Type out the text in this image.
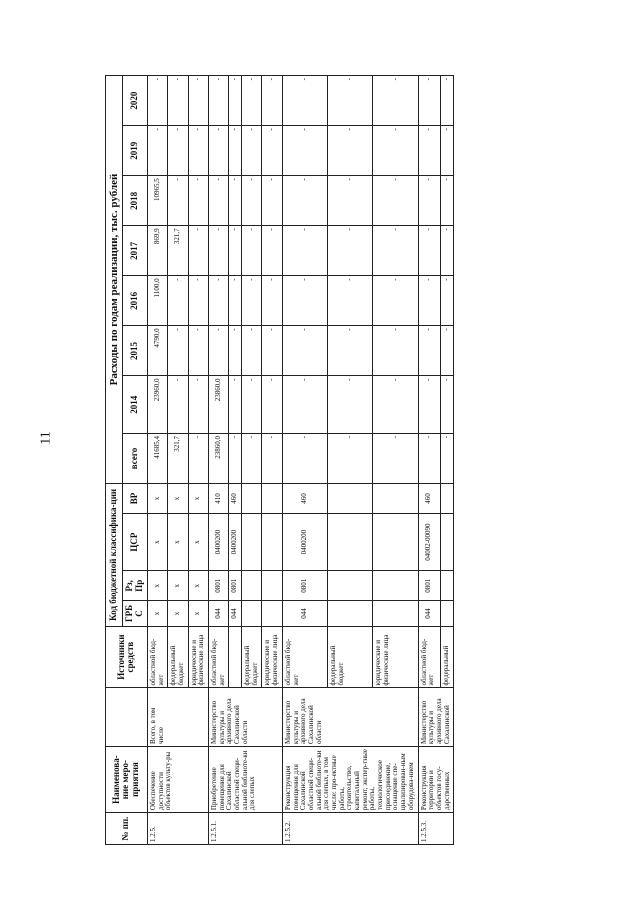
11
№ пп.	Наименова-ние меро-приятия		Источники средств	Код бюджетной классифика-ции				Расходы по годам реализации, тыс. рублей							
				ГРБС	Рз, Пр	ЦСР	ВР	всего	2014	2015	2016	2017	2018	2019	2020
1.2.5.	Обеспечение доступности объектов культу-ры	Всего, в том числе	областной бюд-жет	х	х	х	х	41685,4	23960,0	4790,0	1100,0	869,9	10965,5	-	-
			федеральный бюджет	х	х	х	х	321,7	-	-	-	321,7	-	-	-
			юридические и физические лица	х	х	х	х	-	-	-	-	-	-	-	-
1.2.5.1.	Приобретение помещения для Сахалинской областной специ-альной библиоте-ки для слепых	Министерство культуры и архивного дела Сахалинской области	областной бюд-жет	044	0801	0400200	410	23860,0	23860,0	-	-	-	-	-	-
				044	0801	0400200	460	-	-	-	-	-	-	-	-
			федеральный бюджет					-	-	-	-	-	-	-	-
			юридические и физические лица					-	-	-	-	-	-	-	-
1.2.5.2.	Реконструкция помещения для Сахалинской областной специ-альной библиоте-ки для слепых, в том числе: про-ектные работы, строительство, капитальный ремонт, экспер-тные работы, технологическое присоединение, оснащение спе-циализирован-ным оборудова-нием	Министерство культуры и архивного дела Сахалинской области	областной бюд-жет	044	0801	0400200	460	-	-	-	-	-	-	-	-
			федеральный бюджет					-	-	-	-	-	-	-	-
			юридические и физические лица					-	-	-	-	-	-	-	-
1.2.5.3.	Реконструкция территории и объектов госу-дарственных	Министерство культуры и архивного дела Сахалинской	областной бюд-жет	044	0801	04002-00090	460	-	-	-	-	-	-	-	-
			федеральный					-	-	-	-	-	-	-	-
